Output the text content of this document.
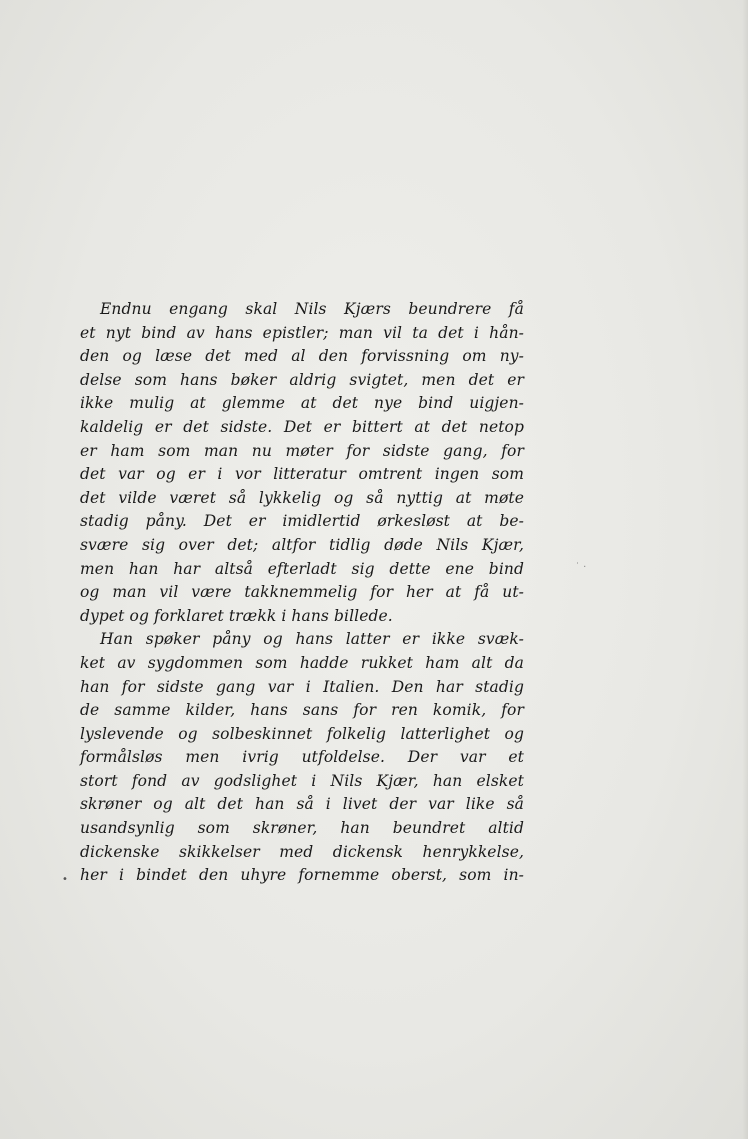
Endnu engang skal Nils Kjærs beundrere få
et nyt bind av hans epistler; man vil ta det i hån-
den og læse det med al den forvissning om ny-
delse som hans bøker aldrig svigtet, men det er
ikke mulig at glemme at det nye bind uigjen-
kaldelig er det sidste. Det er bittert at det netop
er ham som man nu møter for sidste gang, for
det var og er i vor litteratur omtrent ingen som
det vilde været så lykkelig og så nyttig at møte
stadig påny. Det er imidlertid ørkesløst at be-
svære sig over det; altfor tidlig døde Nils Kjær,
men han har altså efterladt sig dette ene bind
og man vil være takknemmelig for her at få ut-
dypet og forklaret trækk i hans billede.
Han spøker påny og hans latter er ikke svæk-
ket av sygdommen som hadde rukket ham alt da
han for sidste gang var i Italien. Den har stadig
de samme kilder, hans sans for ren komik, for
lyslevende og solbeskinnet folkelig latterlighet og
formålsløs men ivrig utfoldelse. Der var et
stort fond av godslighet i Nils Kjær, han elsket
skrøner og alt det han så i livet der var like så
usandsynlig som skrøner, han beundret altid
dickenske skikkelser med dickensk henrykkelse,
her i bindet den uhyre fornemme oberst, som in-
•
˙ ·
